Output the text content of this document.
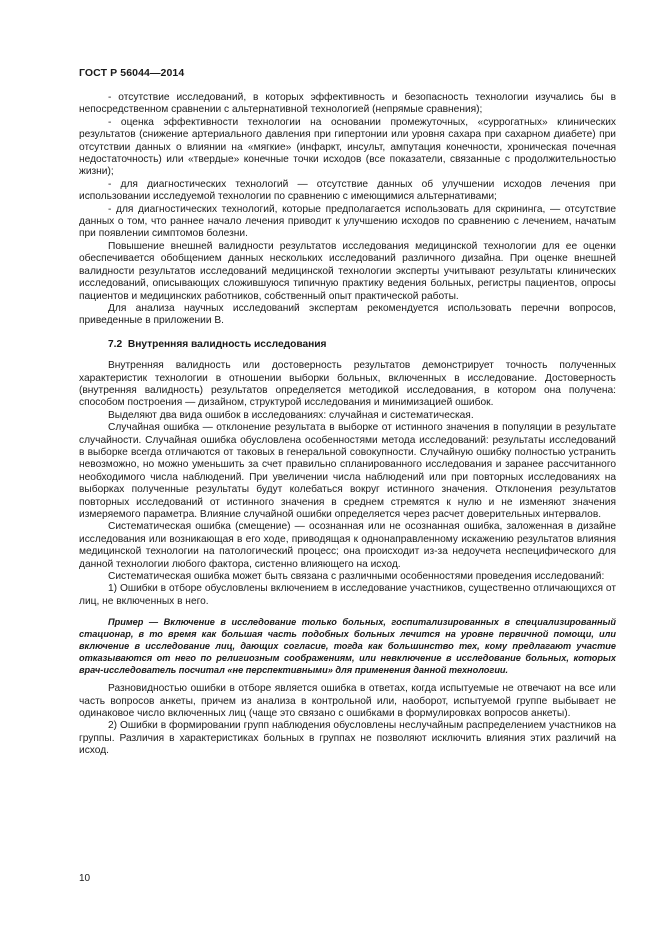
ГОСТ Р 56044—2014

- отсутствие исследований, в которых эффективность и безопасность технологии изучались бы в непосредственном сравнении с альтернативной технологией (непрямые сравнения);

- оценка эффективности технологии на основании промежуточных, «суррогатных» клинических результатов (снижение артериального давления при гипертонии или уровня сахара при сахарном диабете) при отсутствии данных о влиянии на «мягкие» (инфаркт, инсульт, ампутация конечности, хроническая почечная недостаточность) или «твердые» конечные точки исходов (все показатели, связанные с продолжительностью жизни);

- для диагностических технологий — отсутствие данных об улучшении исходов лечения при использовании исследуемой технологии по сравнению с имеющимися альтернативами;

- для диагностических технологий, которые предполагается использовать для скрининга, — отсутствие данных о том, что раннее начало лечения приводит к улучшению исходов по сравнению с лечением, начатым при появлении симптомов болезни.

Повышение внешней валидности результатов исследования медицинской технологии для ее оценки обеспечивается обобщением данных нескольких исследований различного дизайна. При оценке внешней валидности результатов исследований медицинской технологии эксперты учитывают результаты клинических исследований, описывающих сложившуюся типичную практику ведения больных, регистры пациентов, опросы пациентов и медицинских работников, собственный опыт практической работы.

Для анализа научных исследований экспертам рекомендуется использовать перечни вопросов, приведенные в приложении В.

7.2 Внутренняя валидность исследования

Внутренняя валидность или достоверность результатов демонстрирует точность полученных характеристик технологии в отношении выборки больных, включенных в исследование. Достоверность (внутренняя валидность) результатов определяется методикой исследования, в котором она получена: способом построения — дизайном, структурой исследования и минимизацией ошибок.

Выделяют два вида ошибок в исследованиях: случайная и систематическая.

Случайная ошибка — отклонение результата в выборке от истинного значения в популяции в результате случайности. Случайная ошибка обусловлена особенностями метода исследований: результаты исследований в выборке всегда отличаются от таковых в генеральной совокупности. Случайную ошибку полностью устранить невозможно, но можно уменьшить за счет правильно спланированного исследования и заранее рассчитанного необходимого числа наблюдений. При увеличении числа наблюдений или при повторных исследованиях на выборках полученные результаты будут колебаться вокруг истинного значения. Отклонения результатов повторных исследований от истинного значения в среднем стремятся к нулю и не изменяют значения измеряемого параметра. Влияние случайной ошибки определяется через расчет доверительных интервалов.

Систематическая ошибка (смещение) — осознанная или не осознанная ошибка, заложенная в дизайне исследования или возникающая в его ходе, приводящая к однонаправленному искажению результатов влияния медицинской технологии на патологический процесс; она происходит из-за недоучета неспецифического для данной технологии любого фактора, систенно влияющего на исход.

Систематическая ошибка может быть связана с различными особенностями проведения исследований:

1) Ошибки в отборе обусловлены включением в исследование участников, существенно отличающихся от лиц, не включенных в него.

Пример — Включение в исследование только больных, госпитализированных в специализированный стационар, в то время как большая часть подобных больных лечится на уровне первичной помощи, или включение в исследование лиц, дающих согласие, тогда как большинство тех, кому предлагают участие отказываются от него по религиозным соображениям, или невключение в исследование больных, которых врач-исследователь посчитал «не перспективными» для применения данной технологии.

Разновидностью ошибки в отборе является ошибка в ответах, когда испытуемые не отвечают на все или часть вопросов анкеты, причем из анализа в контрольной или, наоборот, испытуемой группе выбывает не одинаковое число включенных лиц (чаще это связано с ошибками в формулировках вопросов анкеты).

2) Ошибки в формировании групп наблюдения обусловлены неслучайным распределением участников на группы. Различия в характеристиках больных в группах не позволяют исключить влияния этих различий на исход.

10
